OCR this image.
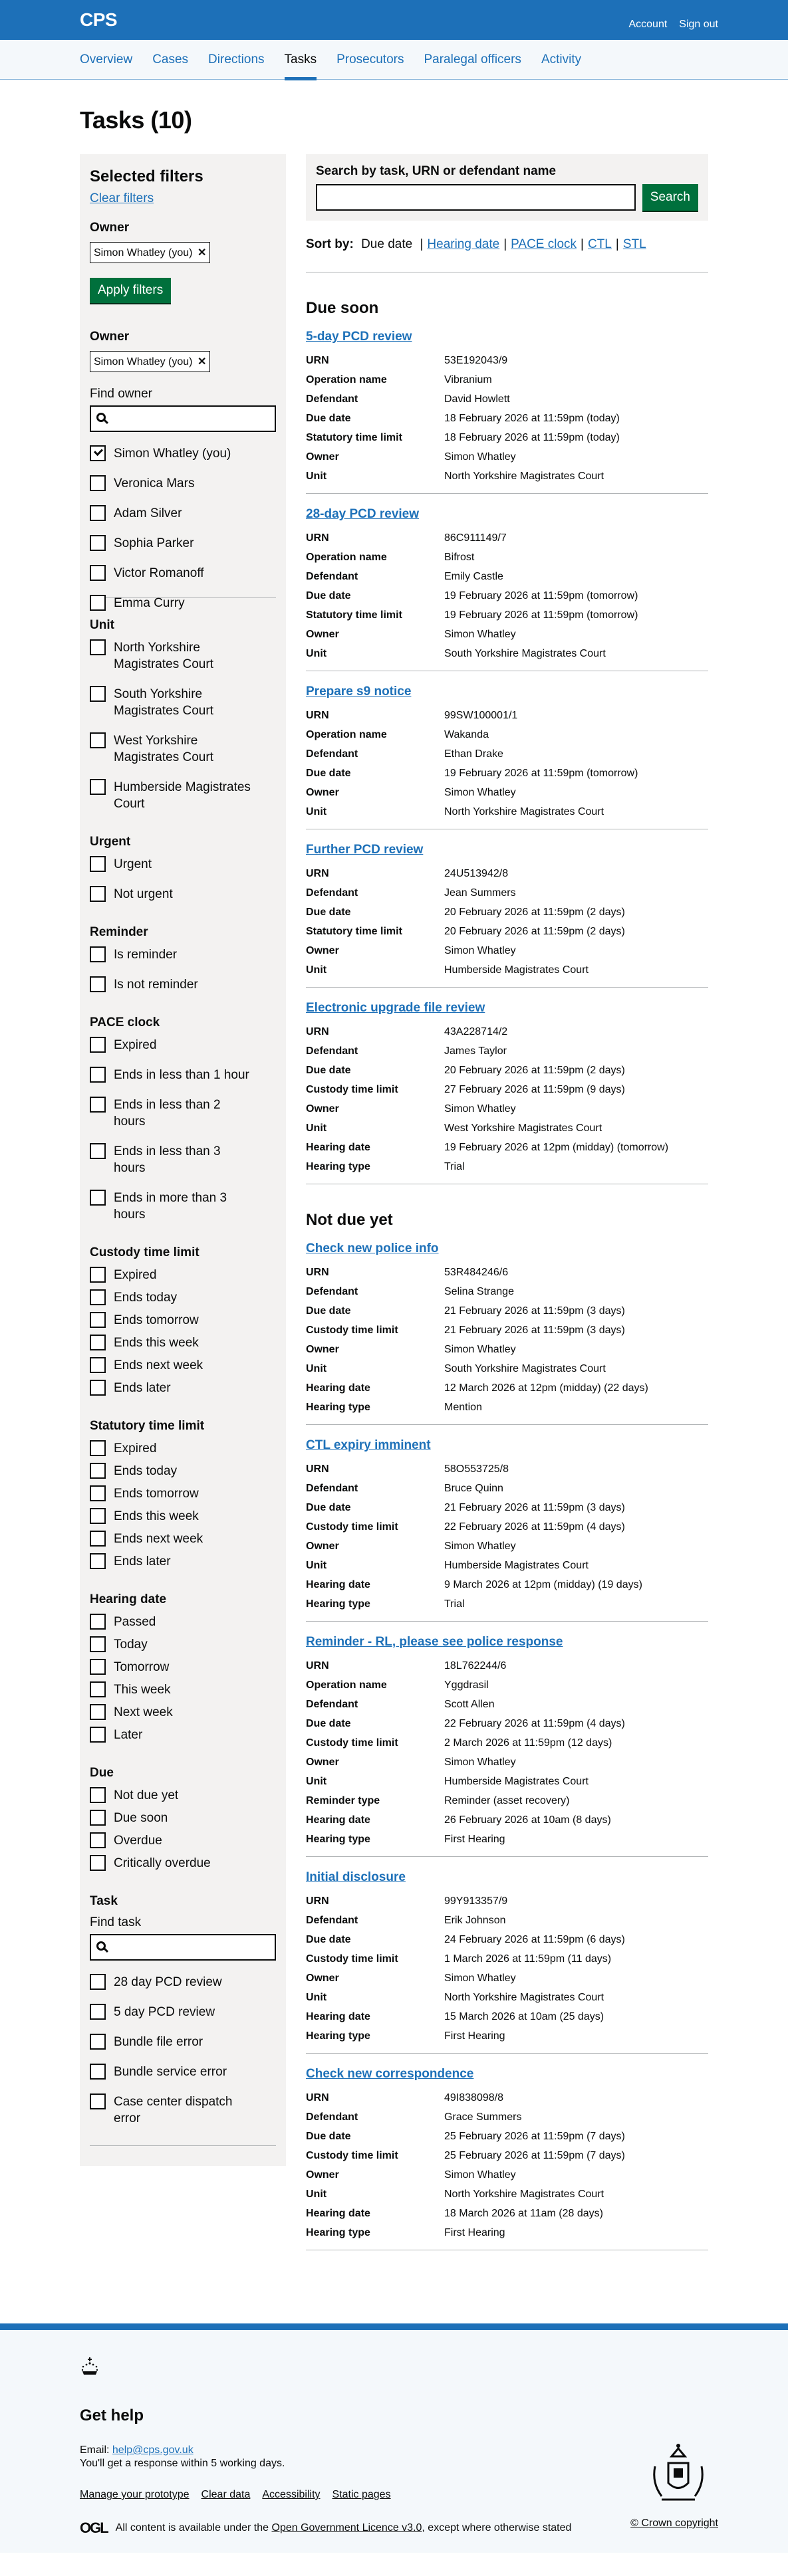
CPS	Account Sign out
Overview Cases Directions Tasks Prosecutors Paralegal officers Activity
Tasks (10)
Selected filters
Clear filters
Owner
Simon Whatley (you) ✕
Apply filters
Owner
Simon Whatley (you) ✕
Find owner
Simon Whatley (you)
Veronica Mars
Adam Silver
Sophia Parker
Victor Romanoff
Emma Curry
Unit
North Yorkshire Magistrates Court
South Yorkshire Magistrates Court
West Yorkshire Magistrates Court
Humberside Magistrates Court
Urgent
Urgent
Not urgent
Reminder
Is reminder
Is not reminder
PACE clock
Expired
Ends in less than 1 hour
Ends in less than 2 hours
Ends in less than 3 hours
Ends in more than 3 hours
Custody time limit
Expired
Ends today
Ends tomorrow
Ends this week
Ends next week
Ends later
Statutory time limit
Expired
Ends today
Ends tomorrow
Ends this week
Ends next week
Ends later
Hearing date
Passed
Today
Tomorrow
This week
Next week
Later
Due
Not due yet
Due soon
Overdue
Critically overdue
Task
Find task
28 day PCD review
5 day PCD review
Bundle file error
Bundle service error
Case center dispatch error
Search by task, URN or defendant name
Search
Sort by: Due date | Hearing date | PACE clock | CTL | STL
Due soon
5-day PCD review
URN	53E192043/9
Operation name	Vibranium
Defendant	David Howlett
Due date	18 February 2026 at 11:59pm (today)
Statutory time limit	18 February 2026 at 11:59pm (today)
Owner	Simon Whatley
Unit	North Yorkshire Magistrates Court
28-day PCD review
URN	86C911149/7
Operation name	Bifrost
Defendant	Emily Castle
Due date	19 February 2026 at 11:59pm (tomorrow)
Statutory time limit	19 February 2026 at 11:59pm (tomorrow)
Owner	Simon Whatley
Unit	South Yorkshire Magistrates Court
Prepare s9 notice
URN	99SW100001/1
Operation name	Wakanda
Defendant	Ethan Drake
Due date	19 February 2026 at 11:59pm (tomorrow)
Owner	Simon Whatley
Unit	North Yorkshire Magistrates Court
Further PCD review
URN	24U513942/8
Defendant	Jean Summers
Due date	20 February 2026 at 11:59pm (2 days)
Statutory time limit	20 February 2026 at 11:59pm (2 days)
Owner	Simon Whatley
Unit	Humberside Magistrates Court
Electronic upgrade file review
URN	43A228714/2
Defendant	James Taylor
Due date	20 February 2026 at 11:59pm (2 days)
Custody time limit	27 February 2026 at 11:59pm (9 days)
Owner	Simon Whatley
Unit	West Yorkshire Magistrates Court
Hearing date	19 February 2026 at 12pm (midday) (tomorrow)
Hearing type	Trial
Not due yet
Check new police info
URN	53R484246/6
Defendant	Selina Strange
Due date	21 February 2026 at 11:59pm (3 days)
Custody time limit	21 February 2026 at 11:59pm (3 days)
Owner	Simon Whatley
Unit	South Yorkshire Magistrates Court
Hearing date	12 March 2026 at 12pm (midday) (22 days)
Hearing type	Mention
CTL expiry imminent
URN	58O553725/8
Defendant	Bruce Quinn
Due date	21 February 2026 at 11:59pm (3 days)
Custody time limit	22 February 2026 at 11:59pm (4 days)
Owner	Simon Whatley
Unit	Humberside Magistrates Court
Hearing date	9 March 2026 at 12pm (midday) (19 days)
Hearing type	Trial
Reminder - RL, please see police response
URN	18L762244/6
Operation name	Yggdrasil
Defendant	Scott Allen
Due date	22 February 2026 at 11:59pm (4 days)
Custody time limit	2 March 2026 at 11:59pm (12 days)
Owner	Simon Whatley
Unit	Humberside Magistrates Court
Reminder type	Reminder (asset recovery)
Hearing date	26 February 2026 at 10am (8 days)
Hearing type	First Hearing
Initial disclosure
URN	99Y913357/9
Defendant	Erik Johnson
Due date	24 February 2026 at 11:59pm (6 days)
Custody time limit	1 March 2026 at 11:59pm (11 days)
Owner	Simon Whatley
Unit	North Yorkshire Magistrates Court
Hearing date	15 March 2026 at 10am (25 days)
Hearing type	First Hearing
Check new correspondence
URN	49I838098/8
Defendant	Grace Summers
Due date	25 February 2026 at 11:59pm (7 days)
Custody time limit	25 February 2026 at 11:59pm (7 days)
Owner	Simon Whatley
Unit	North Yorkshire Magistrates Court
Hearing date	18 March 2026 at 11am (28 days)
Hearing type	First Hearing
Get help

Email: help@cps.gov.uk

You'll get a response within 5 working days.

Manage your prototype Clear data Accessibility Static pages
OGL All content is available under the Open Government Licence v3.0, except where otherwise stated	© Crown copyright
